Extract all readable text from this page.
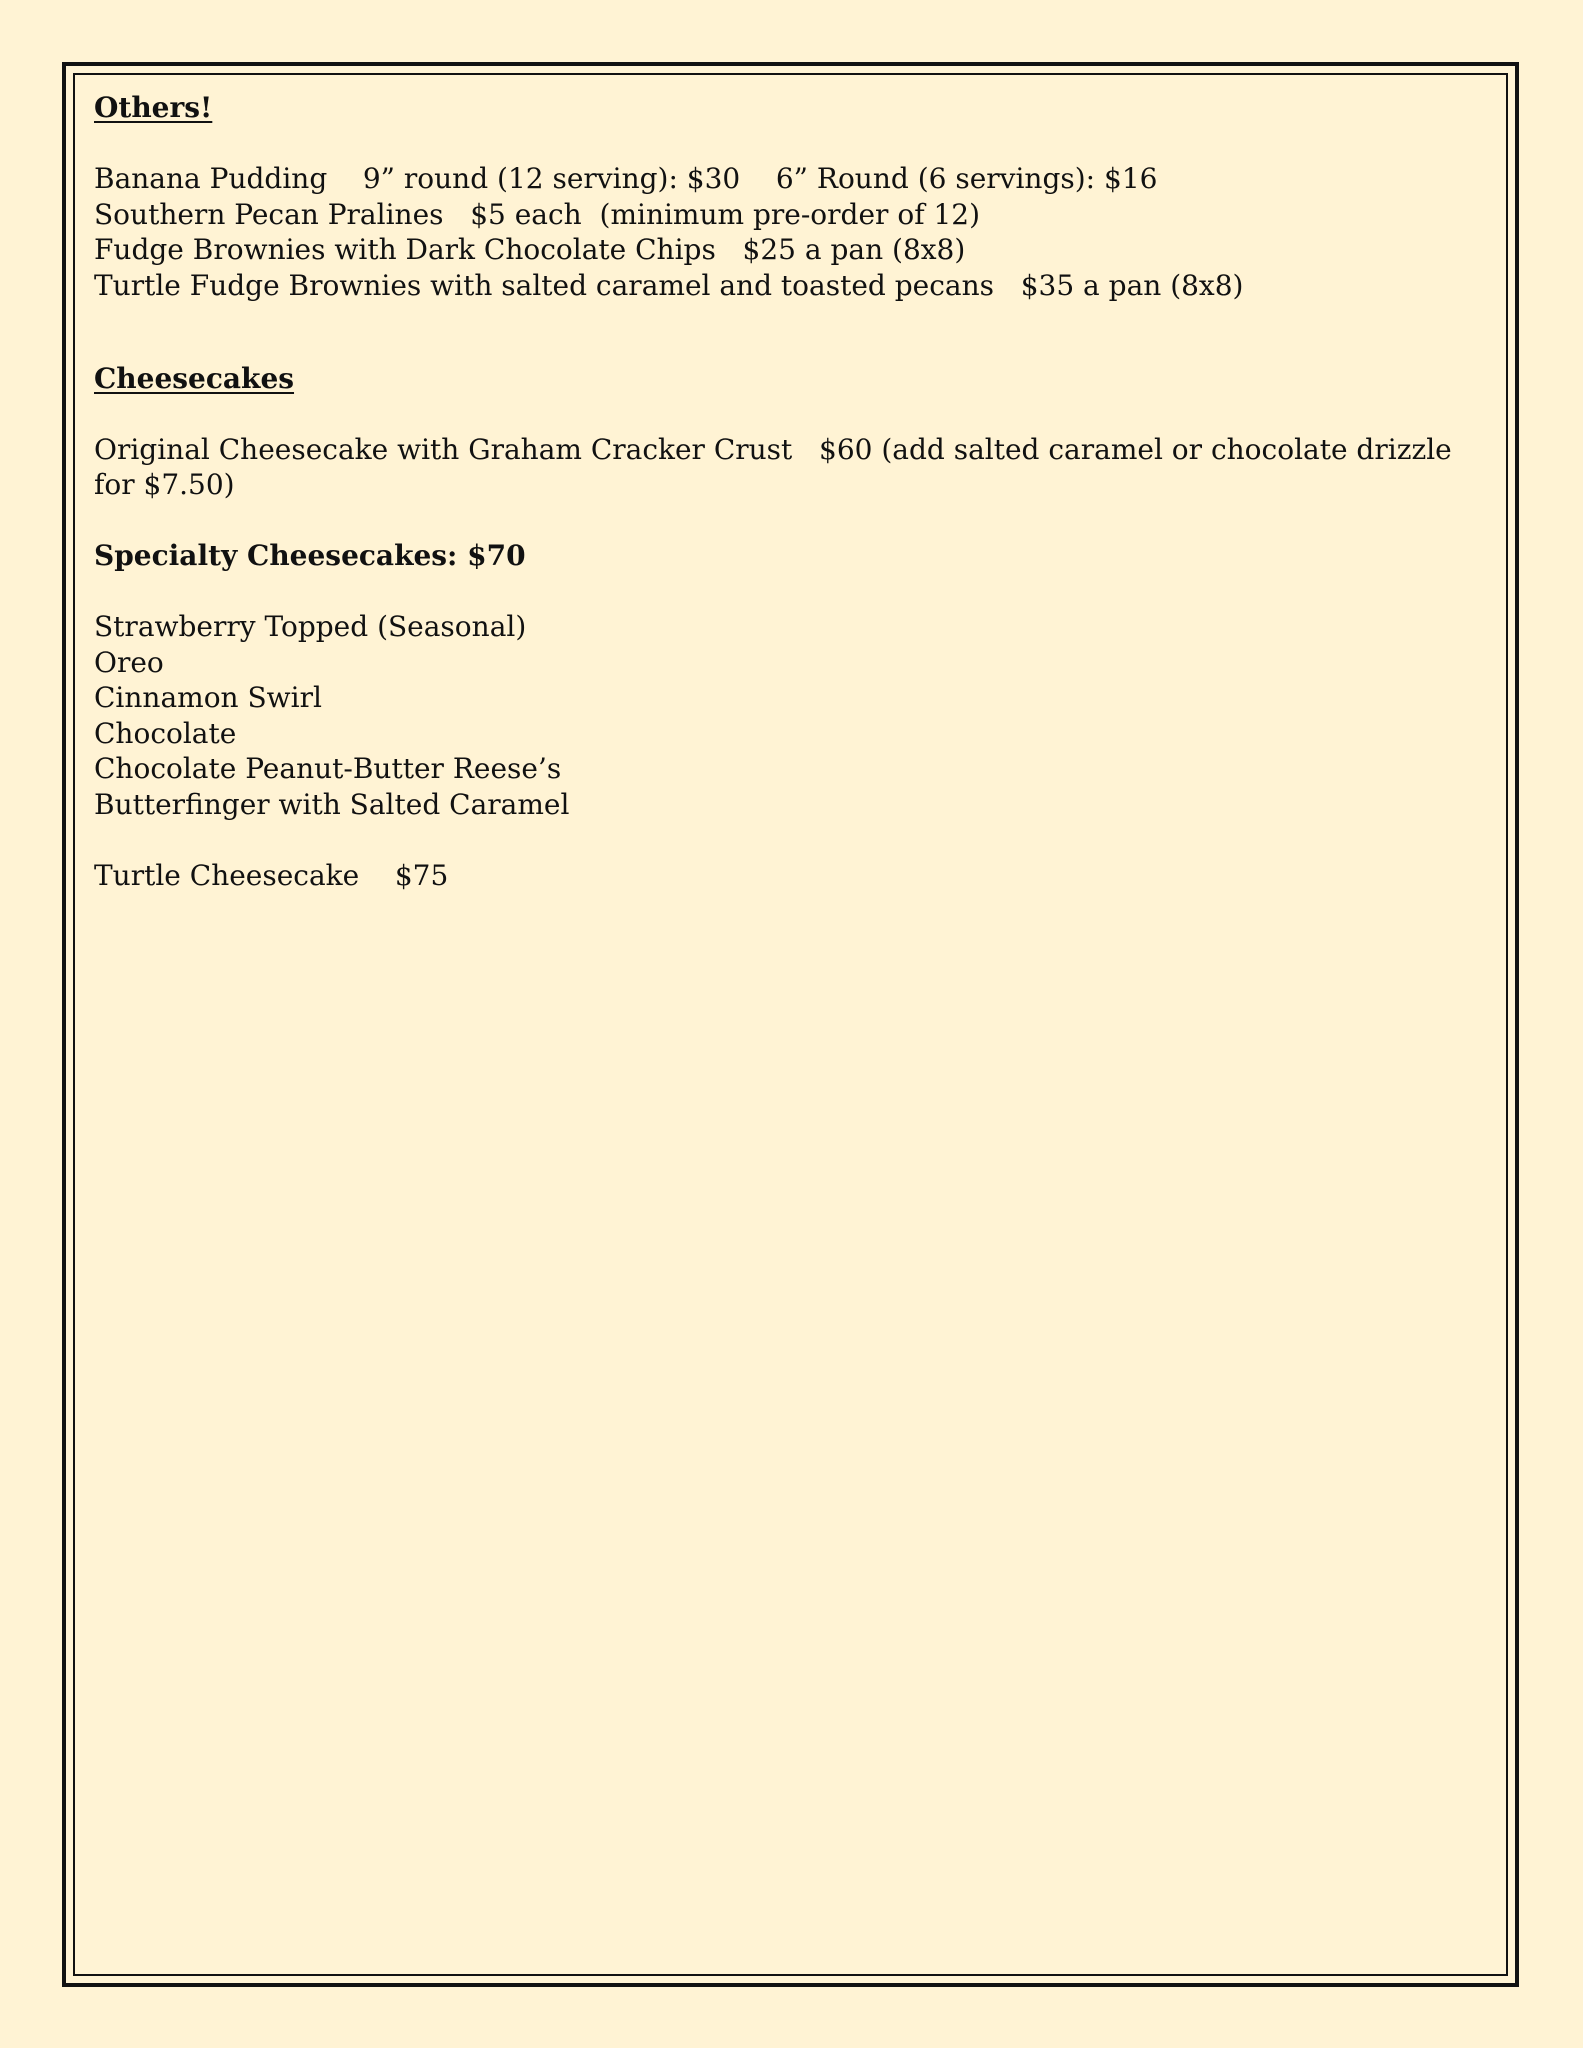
Others!

Banana Pudding    9” round (12 serving): $30    6” Round (6 servings): $16

Southern Pecan Pralines   $5 each  (minimum pre-order of 12)

Fudge Brownies with Dark Chocolate Chips   $25 a pan (8x8)

Turtle Fudge Brownies with salted caramel and toasted pecans   $35 a pan (8x8)

Cheesecakes

Original Cheesecake with Graham Cracker Crust   $60 (add salted caramel or chocolate drizzle for $7.50)

Specialty Cheesecakes: $70

Strawberry Topped (Seasonal)

Oreo

Cinnamon Swirl

Chocolate

Chocolate Peanut-Butter Reese’s

Butterfinger with Salted Caramel

Turtle Cheesecake    $75
